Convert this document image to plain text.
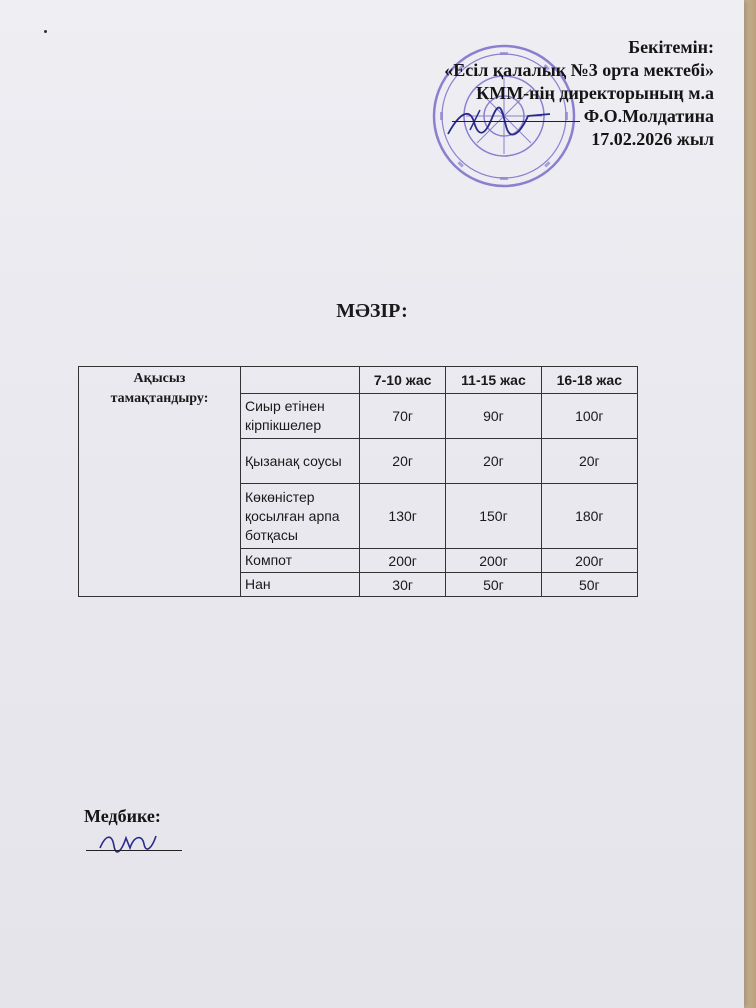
Бекітемін:
«Есіл қалалық №3 орта мектебі»
КММ-нің директорының м.а
Ф.О.Молдатина
17.02.2026 жыл
МӘЗІР:
Ақысыз тамақтандыру:		7-10 жас	11-15 жас	16-18 жас
	Сиыр етінен кірпікшелер	70г	90г	100г
	Қызанақ соусы	20г	20г	20г
	Көкөністер қосылған арпа ботқасы	130г	150г	180г
	Компот	200г	200г	200г
	Нан	30г	50г	50г
Медбике:
